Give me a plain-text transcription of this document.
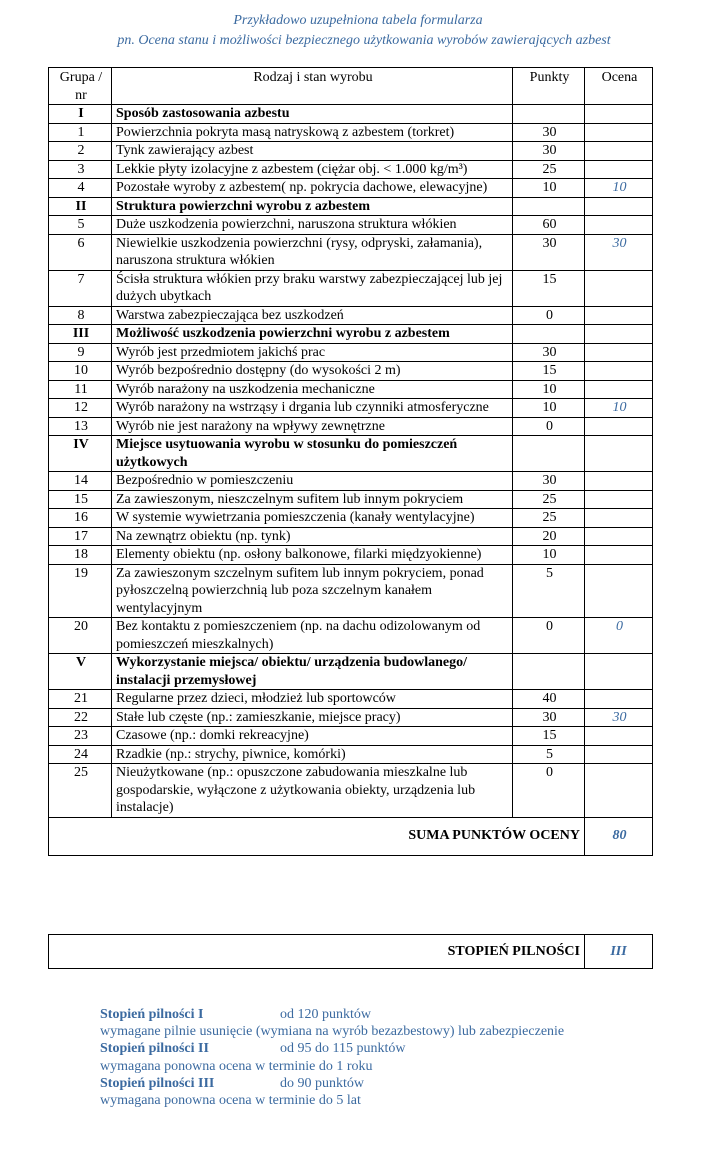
Przykładowo uzupełniona tabela formularza
pn. Ocena stanu i możliwości bezpiecznego użytkowania wyrobów zawierających azbest
Grupa / nr	Rodzaj i stan wyrobu	Punkty	Ocena
I	Sposób zastosowania azbestu		
1	Powierzchnia pokryta masą natryskową z azbestem (torkret)	30	
2	Tynk zawierający azbest	30	
3	Lekkie płyty izolacyjne z azbestem (ciężar obj. < 1.000 kg/m³)	25	
4	Pozostałe wyroby z azbestem( np. pokrycia dachowe, elewacyjne)	10	10
II	Struktura powierzchni wyrobu z azbestem		
5	Duże uszkodzenia powierzchni, naruszona struktura włókien	60	
6	Niewielkie uszkodzenia powierzchni (rysy, odpryski, załamania), naruszona struktura włókien	30	30
7	Ścisła struktura włókien przy braku warstwy zabezpieczającej lub jej dużych ubytkach	15	
8	Warstwa zabezpieczająca bez uszkodzeń	0	
III	Możliwość uszkodzenia powierzchni wyrobu z azbestem		
9	Wyrób jest przedmiotem jakichś prac	30	
10	Wyrób bezpośrednio dostępny (do wysokości 2 m)	15	
11	Wyrób narażony na uszkodzenia mechaniczne	10	
12	Wyrób narażony na wstrząsy i drgania lub czynniki atmosferyczne	10	10
13	Wyrób nie jest narażony na wpływy zewnętrzne	0	
IV	Miejsce usytuowania wyrobu w stosunku do pomieszczeń użytkowych		
14	Bezpośrednio w pomieszczeniu	30	
15	Za zawieszonym, nieszczelnym sufitem lub innym pokryciem	25	
16	W systemie wywietrzania pomieszczenia (kanały wentylacyjne)	25	
17	Na zewnątrz obiektu (np. tynk)	20	
18	Elementy obiektu (np. osłony balkonowe, filarki międzyokienne)	10	
19	Za zawieszonym szczelnym sufitem lub innym pokryciem, ponad pyłoszczelną powierzchnią lub poza szczelnym kanałem wentylacyjnym	5	
20	Bez kontaktu z pomieszczeniem (np. na dachu odizolowanym od pomieszczeń mieszkalnych)	0	0
V	Wykorzystanie miejsca/ obiektu/ urządzenia budowlanego/ instalacji przemysłowej		
21	Regularne przez dzieci, młodzież lub sportowców	40	
22	Stałe lub częste (np.: zamieszkanie, miejsce pracy)	30	30
23	Czasowe (np.: domki rekreacyjne)	15	
24	Rzadkie (np.: strychy, piwnice, komórki)	5	
25	Nieużytkowane (np.: opuszczone zabudowania mieszkalne lub gospodarskie, wyłączone z użytkowania obiekty, urządzenia lub instalacje)	0	
SUMA PUNKTÓW OCENY			80
STOPIEŃ PILNOŚCI	III
Stopień pilności I	od 120 punktów
wymagane pilnie usunięcie (wymiana na wyrób bezazbestowy) lub zabezpieczenie
Stopień pilności II	od 95 do 115 punktów
wymagana ponowna ocena w terminie do 1 roku
Stopień pilności III	do 90 punktów
wymagana ponowna ocena w terminie do 5 lat
